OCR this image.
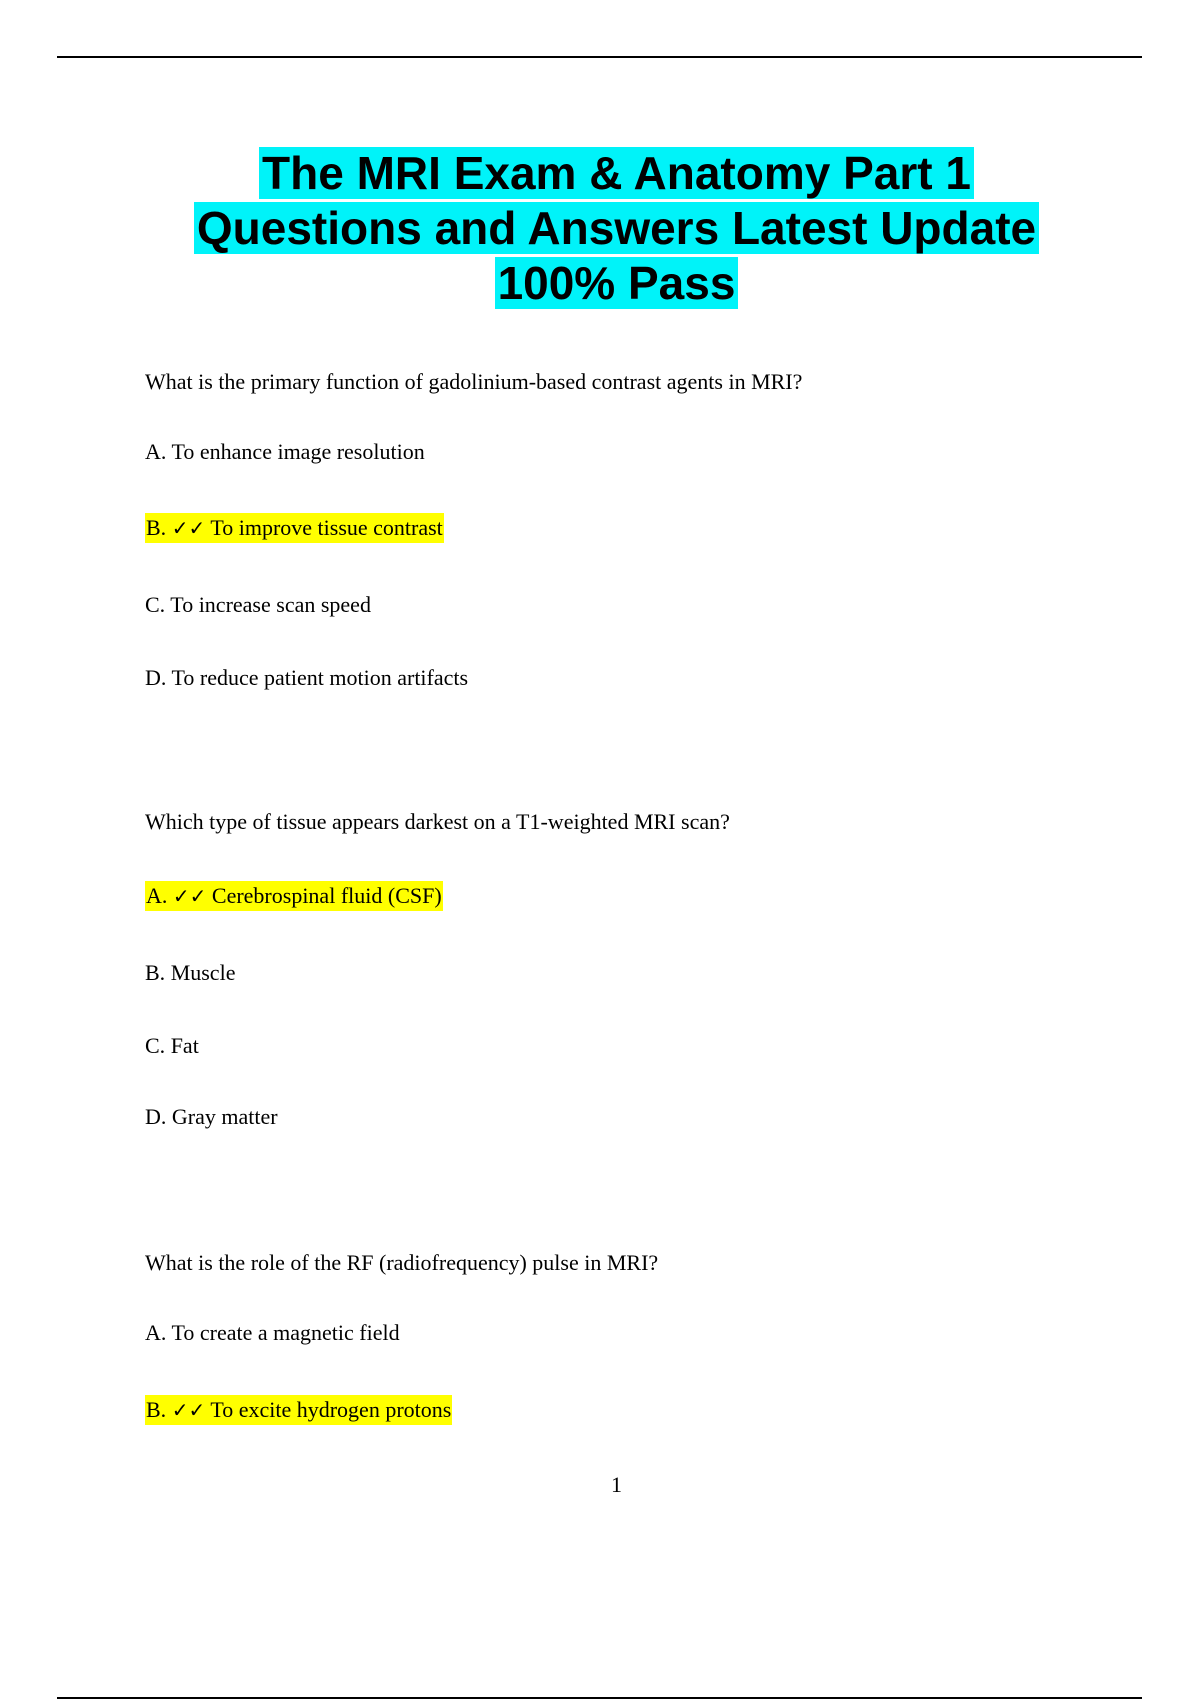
The MRI Exam & Anatomy Part 1
Questions and Answers Latest Update
100% Pass
What is the primary function of gadolinium-based contrast agents in MRI?
A. To enhance image resolution
B. ✓✓ To improve tissue contrast
C. To increase scan speed
D. To reduce patient motion artifacts
Which type of tissue appears darkest on a T1-weighted MRI scan?
A. ✓✓ Cerebrospinal fluid (CSF)
B. Muscle
C. Fat
D. Gray matter
What is the role of the RF (radiofrequency) pulse in MRI?
A. To create a magnetic field
B. ✓✓ To excite hydrogen protons
1
